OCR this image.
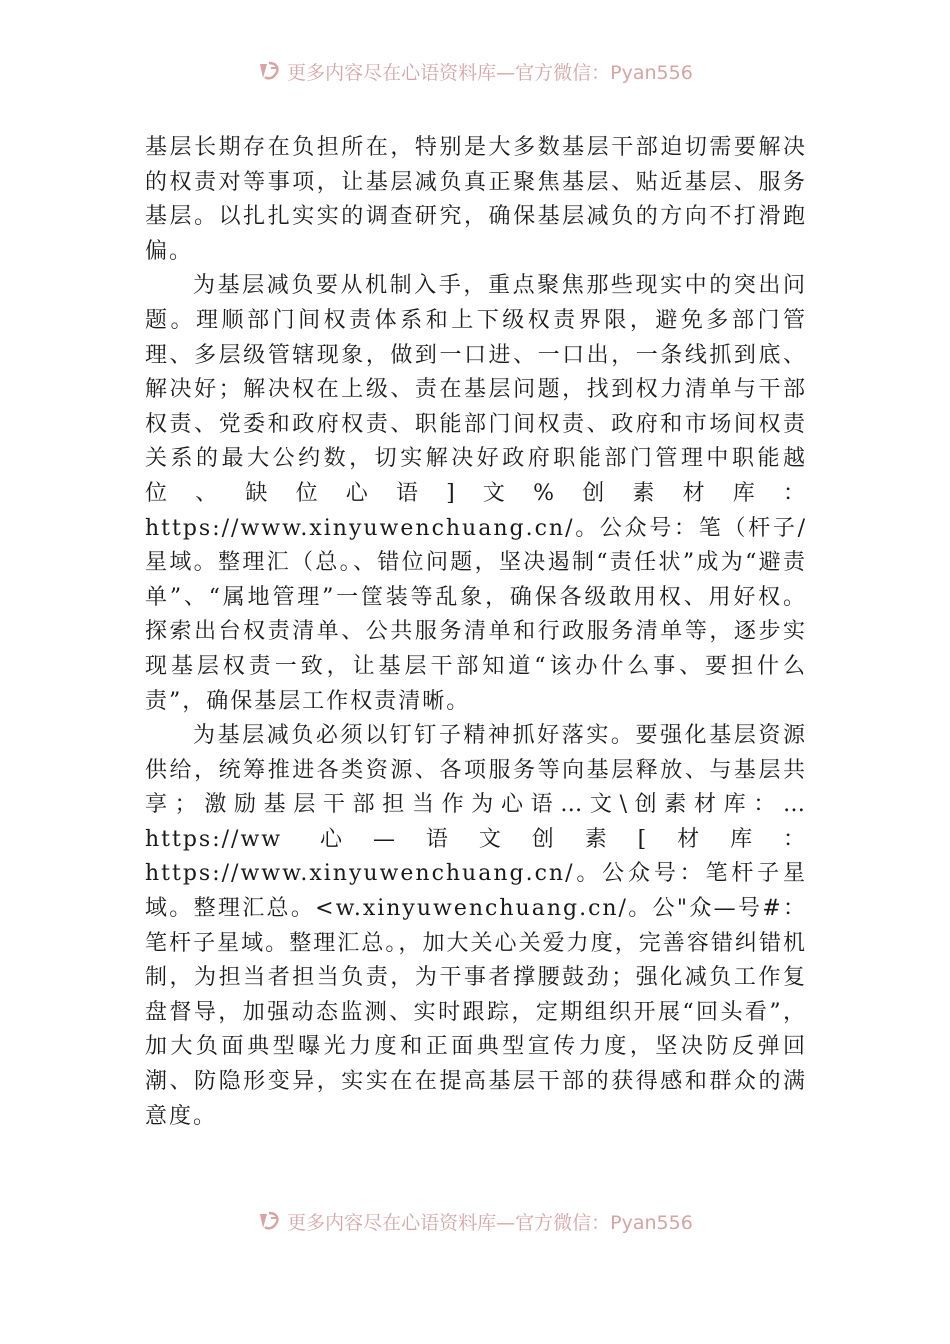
更多内容尽在心语资料库—官方微信：Pyan556

基层长期存在负担所在，特别是大多数基层干部迫切需要解决的权责对等事项，让基层减负真正聚焦基层、贴近基层、服务基层。以扎扎实实的调查研究，确保基层减负的方向不打滑跑偏。

为基层减负要从机制入手，重点聚焦那些现实中的突出问题。理顺部门间权责体系和上下级权责界限，避免多部门管理、多层级管辖现象，做到一口进、一口出，一条线抓到底、解决好；解决权在上级、责在基层问题，找到权力清单与干部权责、党委和政府权责、职能部门间权责、政府和市场间权责关系的最大公约数，切实解决好政府职能部门管理中职能越位、缺位心语]文%创素材库：https://www.xinyuwenchuang.cn/。公众号：笔（杆子/星域。整理汇（总。、错位问题，坚决遏制“责任状”成为“避责单”、“属地管理”一筐装等乱象，确保各级敢用权、用好权。探索出台权责清单、公共服务清单和行政服务清单等，逐步实现基层权责一致，让基层干部知道“该办什么事、要担什么责”，确保基层工作权责清晰。

为基层减负必须以钉钉子精神抓好落实。要强化基层资源供给，统筹推进各类资源、各项服务等向基层释放、与基层共享；激励基层干部担当作为心语…文\创素材库：…https://ww 心—语文创素[材库：https://www.xinyuwenchuang.cn/。公众号：笔杆子星域。整理汇总。<w.xinyuwenchuang.cn/。公"众—号#：笔杆子星域。整理汇总。，加大关心关爱力度，完善容错纠错机制，为担当者担当负责，为干事者撑腰鼓劲；强化减负工作复盘督导，加强动态监测、实时跟踪，定期组织开展“回头看”，加大负面典型曝光力度和正面典型宣传力度，坚决防反弹回潮、防隐形变异，实实在在提高基层干部的获得感和群众的满意度。

更多内容尽在心语资料库—官方微信：Pyan556
